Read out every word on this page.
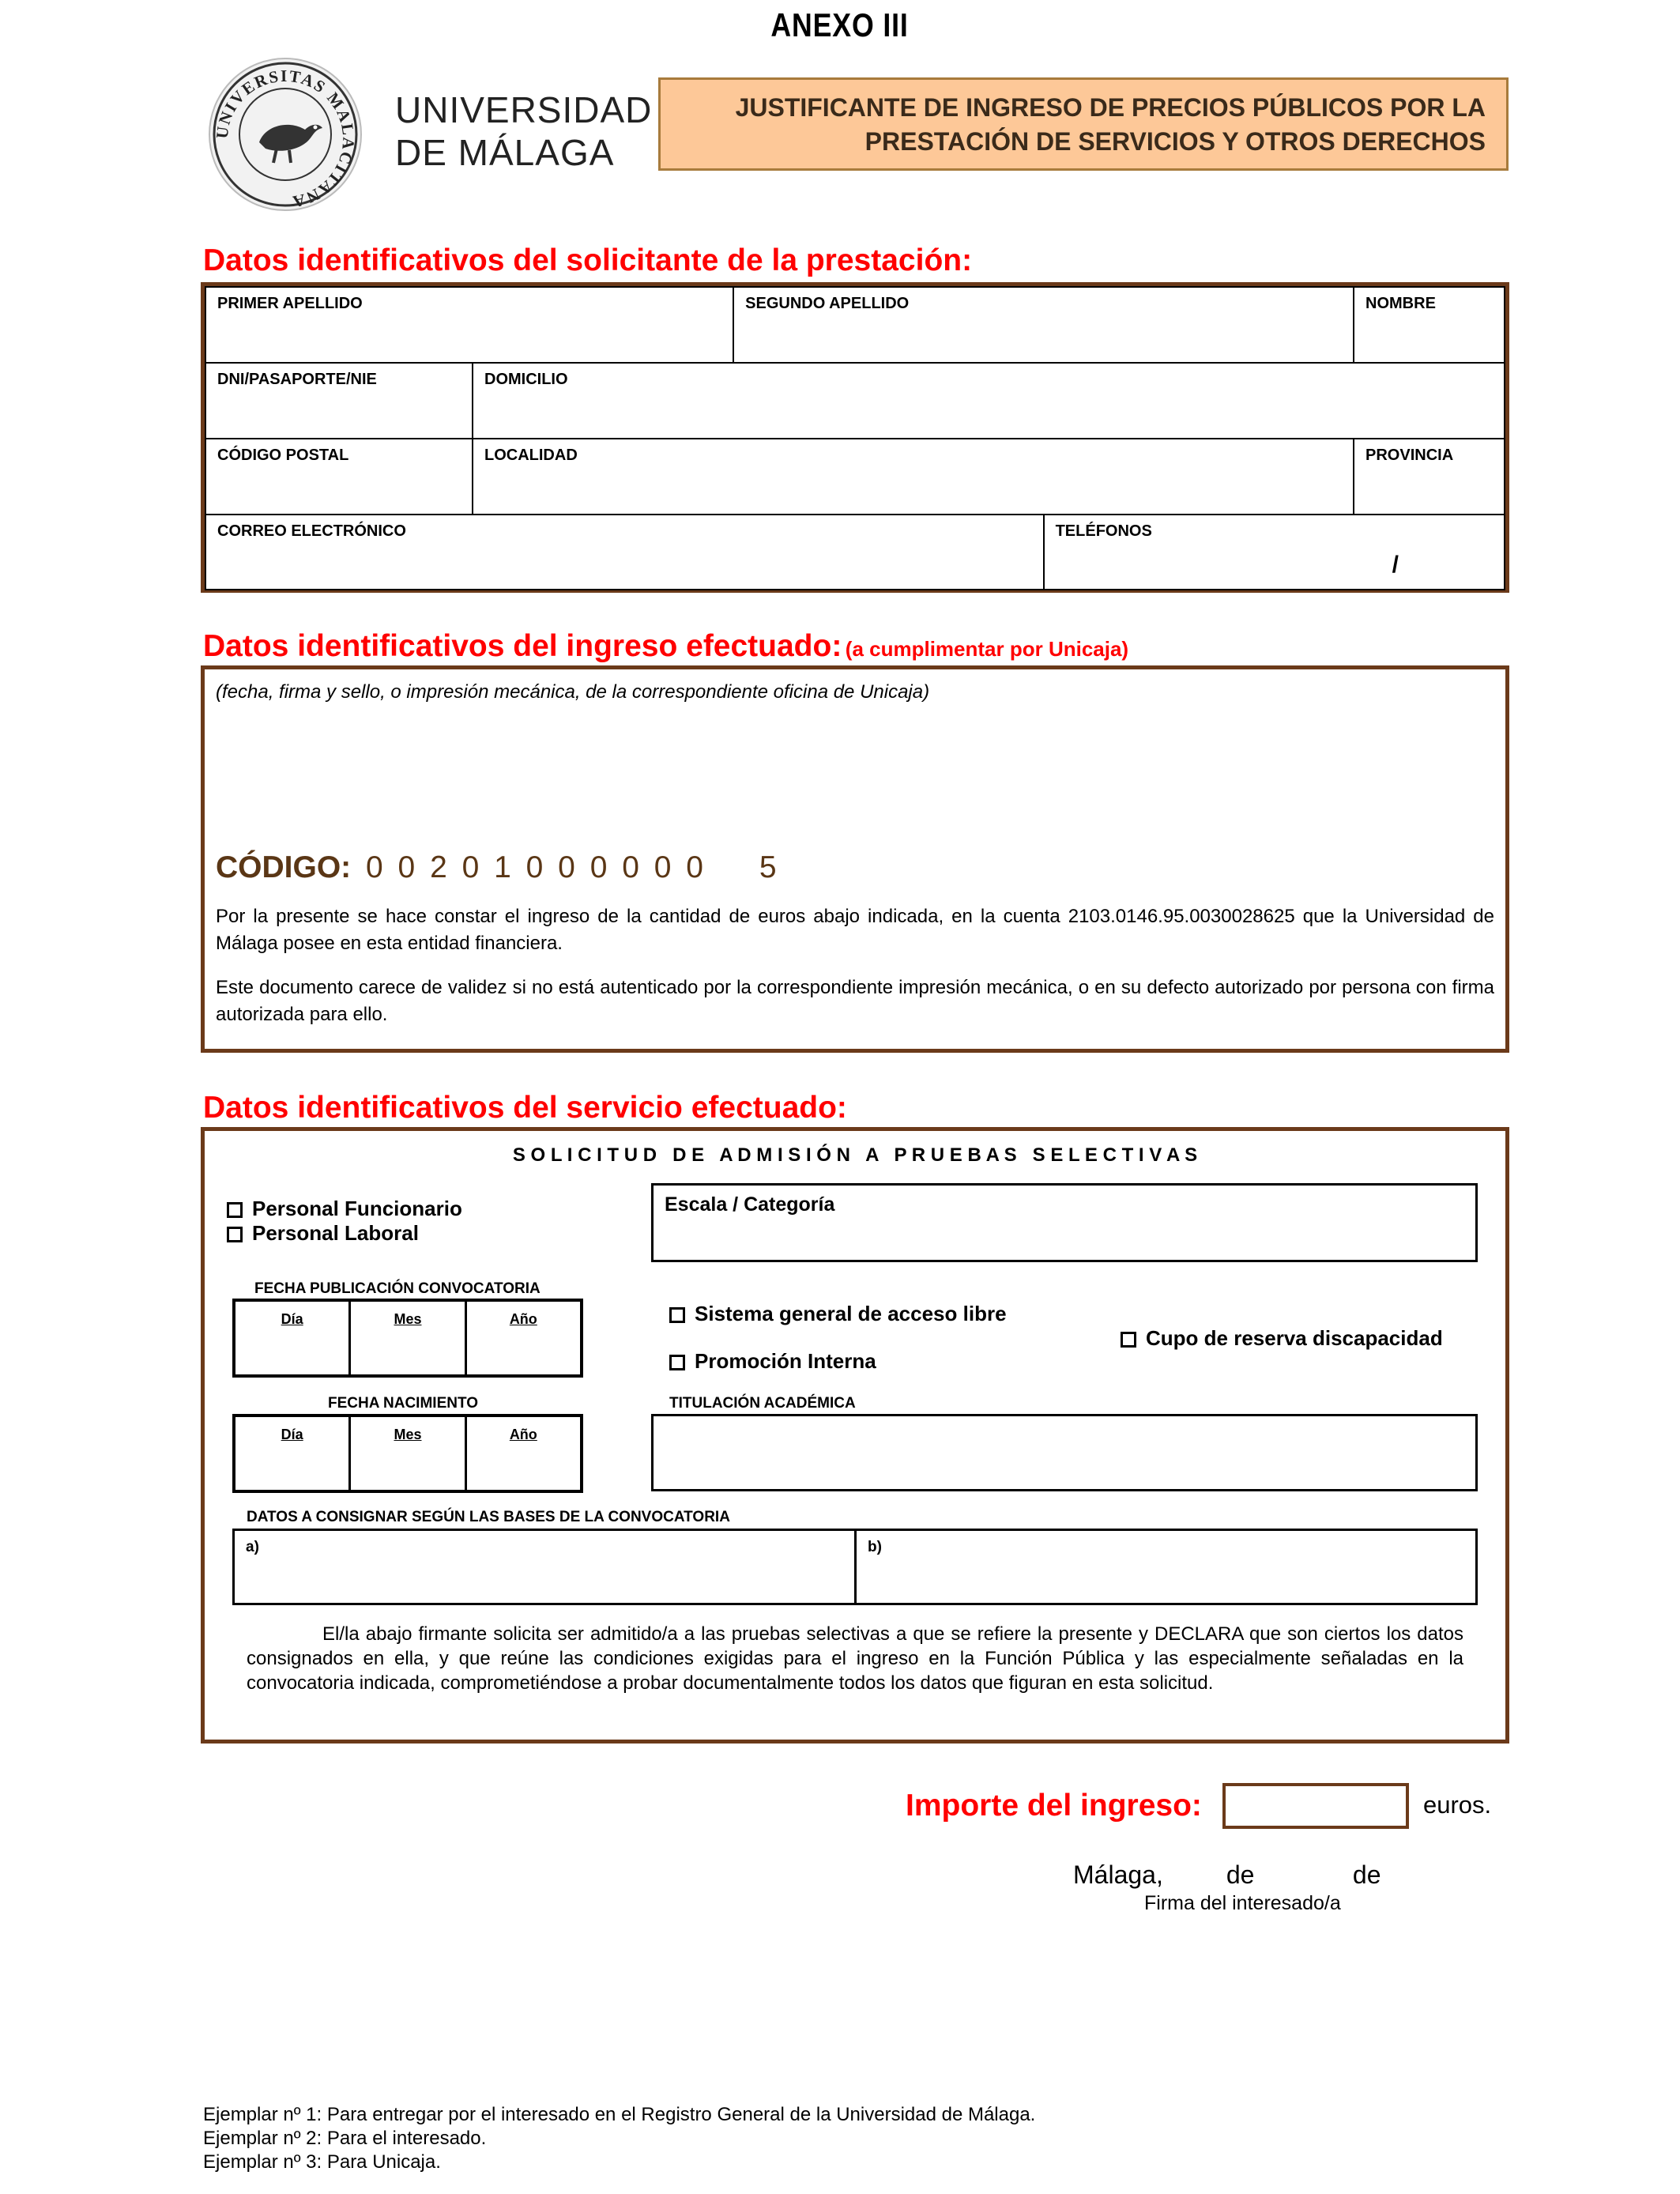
ANEXO III
UNIVERSITAS MALACITANA
UNIVERSIDAD
DE MÁLAGA
JUSTIFICANTE DE INGRESO DE PRECIOS PÚBLICOS POR LA
PRESTACIÓN DE SERVICIOS Y OTROS DERECHOS
Datos identificativos del solicitante de la prestación:
PRIMER APELLIDO		SEGUNDO APELLIDO		NOMBRE
DNI/PASAPORTE/NIE	DOMICILIO			
CÓDIGO POSTAL	LOCALIDAD			PROVINCIA
CORREO ELECTRÓNICO			TELÉFONOS
/	
Datos identificativos del ingreso efectuado: (a cumplimentar por Unicaja)
(fecha, firma y sello, o impresión mecánica, de la correspondiente oficina de Unicaja)
CÓDIGO: 0 0 2 0 1 0 0 0 0 0 0 5
Por la presente se hace constar el ingreso de la cantidad de euros abajo indicada, en la cuenta 2103.0146.95.0030028625 que la Universidad de Málaga posee en esta entidad financiera.
Este documento carece de validez si no está autenticado por la correspondiente impresión mecánica, o en su defecto autorizado por persona con firma autorizada para ello.
Datos identificativos del servicio efectuado:
S O L I C I T U D   D E   A D M I S I Ó N   A   P R U E B A S   S E L E C T I V A S
Personal Funcionario
Personal Laboral
Escala / Categoría
FECHA PUBLICACIÓN CONVOCATORIA
Día	Mes	Año	Sistema general de acceso libre
Promoción Interna
Cupo de reserva discapacidad
FECHA NACIMIENTO
Día	Mes	Año
TITULACIÓN ACADÉMICA
DATOS A CONSIGNAR SEGÚN LAS BASES DE LA CONVOCATORIA
a)	b)
El/la abajo firmante solicita ser admitido/a a las pruebas selectivas a que se refiere la presente y DECLARA que son ciertos los datos consignados en ella, y que reúne las condiciones exigidas para el ingreso en la Función Pública y las especialmente señaladas en la convocatoria indicada, comprometiéndose a probar documentalmente todos los datos que figuran en esta solicitud.
Importe del ingreso:	euros.
Málaga,         de              de
Firma del interesado/a
Ejemplar nº 1: Para entregar por el interesado en el Registro General de la Universidad de Málaga.
Ejemplar nº 2: Para el interesado.
Ejemplar nº 3: Para Unicaja.
